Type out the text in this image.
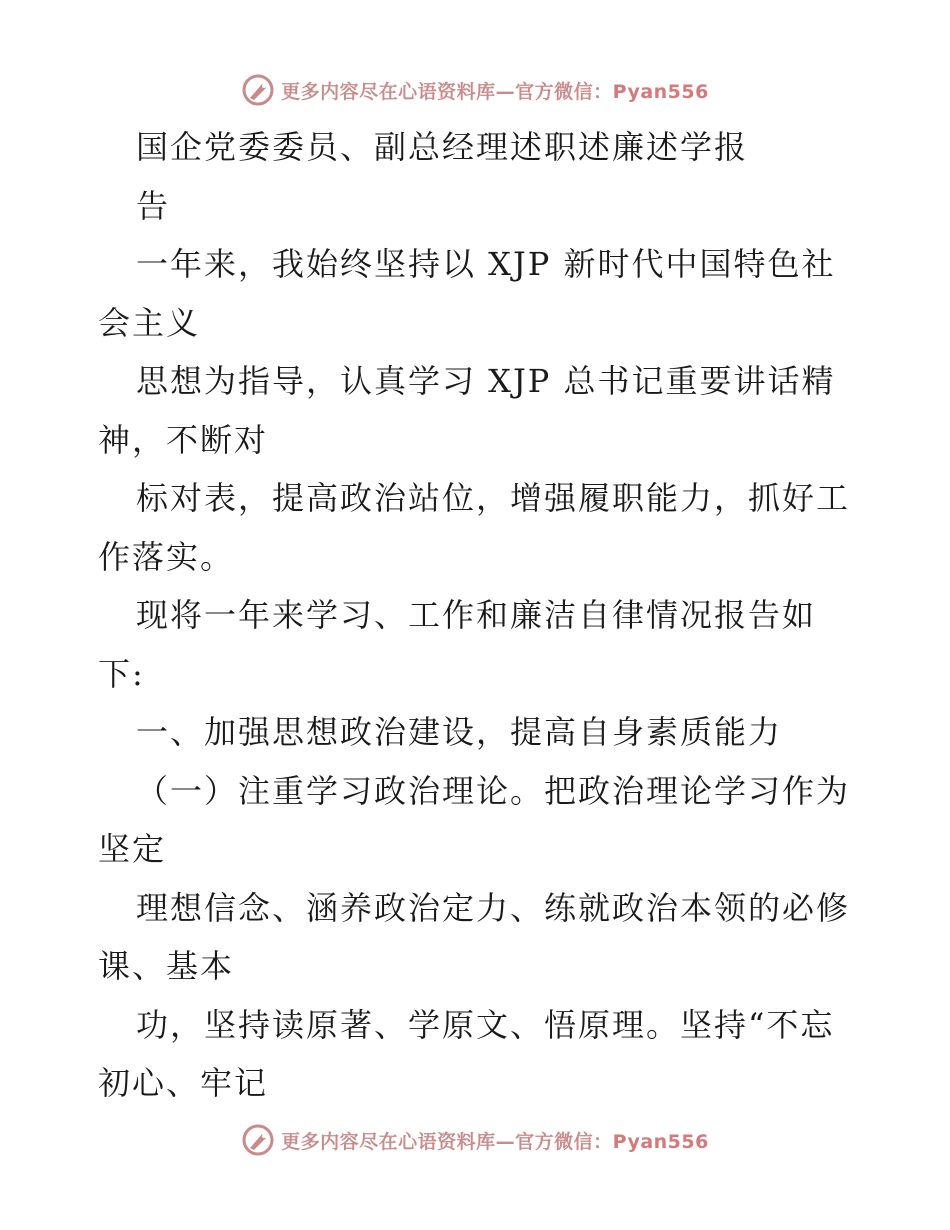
更多内容尽在心语资料库—官方微信：Pyan556
国企党委委员、副总经理述职述廉述学报
告
一年来，我始终坚持以 XJP 新时代中国特色社
会主义
思想为指导，认真学习 XJP 总书记重要讲话精
神，不断对
标对表，提高政治站位，增强履职能力，抓好工
作落实。
现将一年来学习、工作和廉洁自律情况报告如
下:
一、加强思想政治建设，提高自身素质能力
（一）注重学习政治理论。把政治理论学习作为
坚定
理想信念、涵养政治定力、练就政治本领的必修
课、基本
功，坚持读原著、学原文、悟原理。坚持“不忘
初心、牢记
更多内容尽在心语资料库—官方微信：Pyan556
